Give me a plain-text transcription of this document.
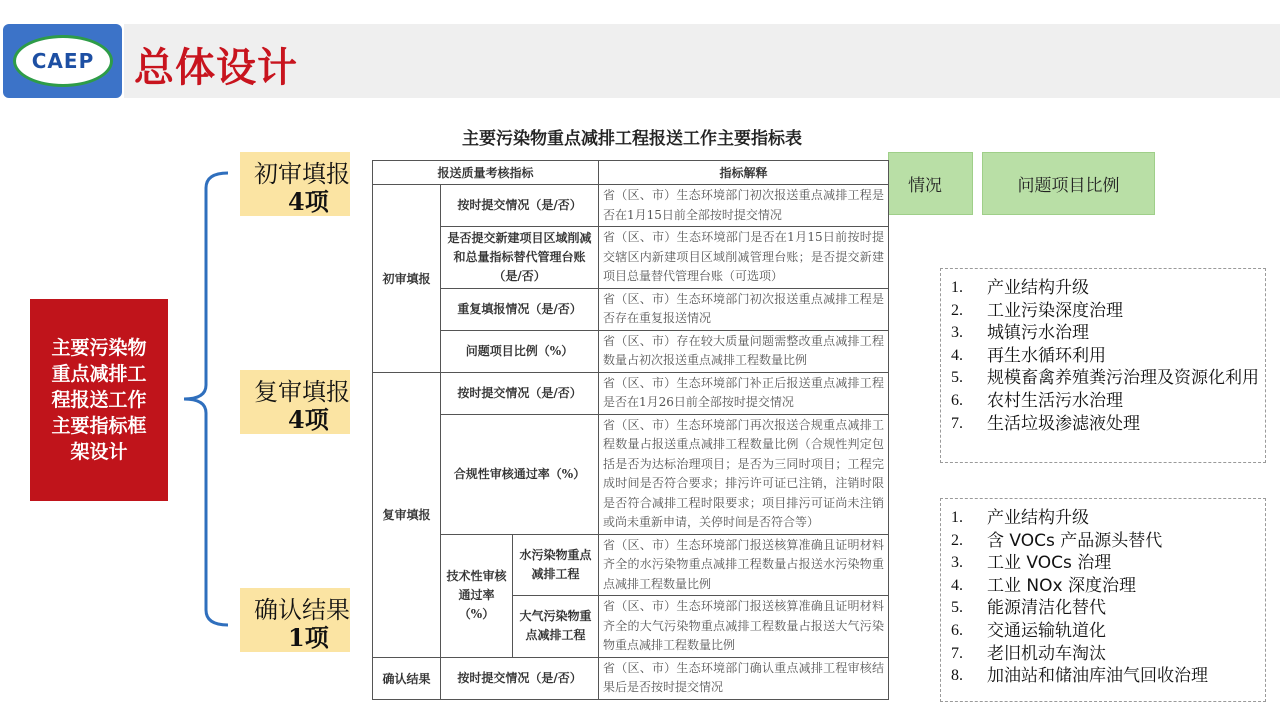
CAEP 总体设计
主要污染物重点减排工程报送工作主要指标框架设计
初审填报
4项
复审填报
4项
确认结果
1项
情况	问题项目比例
主要污染物重点减排工程报送工作主要指标表
报送质量考核指标			指标解释
初审填报	按时提交情况（是/否）		省（区、市）生态环境部门初次报送重点减排工程是否在1月15日前全部按时提交情况
	是否提交新建项目区域削减和总量指标替代管理台账（是/否）		省（区、市）生态环境部门是否在1月15日前按时提交辖区内新建项目区域削减管理台账；是否提交新建项目总量替代管理台账（可选项）
	重复填报情况（是/否）		省（区、市）生态环境部门初次报送重点减排工程是否存在重复报送情况
	问题项目比例（%）		省（区、市）存在较大质量问题需整改重点减排工程数量占初次报送重点减排工程数量比例
复审填报	按时提交情况（是/否）		省（区、市）生态环境部门补正后报送重点减排工程是否在1月26日前全部按时提交情况
	合规性审核通过率（%）		省（区、市）生态环境部门再次报送合规重点减排工程数量占报送重点减排工程数量比例（合规性判定包括是否为达标治理项目；是否为三同时项目；工程完成时间是否符合要求；排污许可证已注销，注销时限是否符合减排工程时限要求；项目排污可证尚未注销或尚未重新申请，关停时间是否符合等）
	技术性审核通过率（%）	水污染物重点减排工程	省（区、市）生态环境部门报送核算准确且证明材料齐全的水污染物重点减排工程数量占报送水污染物重点减排工程数量比例
		大气污染物重点减排工程	省（区、市）生态环境部门报送核算准确且证明材料齐全的大气污染物重点减排工程数量占报送大气污染物重点减排工程数量比例
确认结果	按时提交情况（是/否）		省（区、市）生态环境部门确认重点减排工程审核结果后是否按时提交情况
1. 产业结构升级
2. 工业污染深度治理
3. 城镇污水治理
4. 再生水循环利用
5. 规模畜禽养殖粪污治理及资源化利用
6. 农村生活污水治理
7. 生活垃圾渗滤液处理
1. 产业结构升级
2. 含 VOCs 产品源头替代
3. 工业 VOCs 治理
4. 工业 NOx 深度治理
5. 能源清洁化替代
6. 交通运输轨道化
7. 老旧机动车淘汰
8. 加油站和储油库油气回收治理
